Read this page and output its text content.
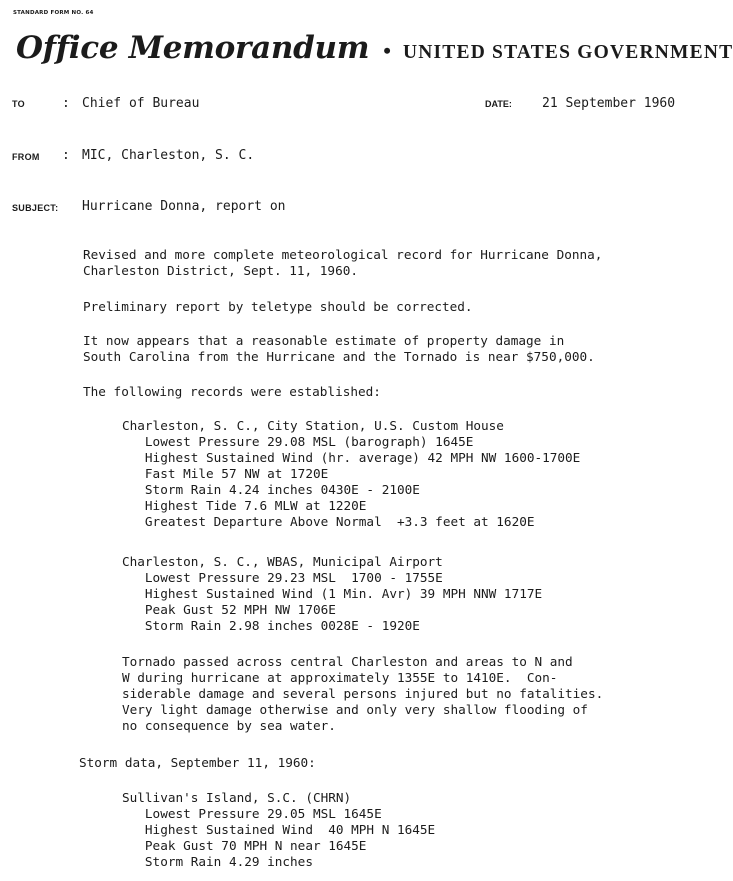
STANDARD FORM NO. 64
Office Memorandum • UNITED STATES GOVERNMENT
TO	: Chief of Bureau	DATE: 21 September 1960
FROM : MIC, Charleston, S. C.
SUBJECT: Hurricane Donna, report on
Revised and more complete meteorological record for Hurricane Donna,
Charleston District, Sept. 11, 1960.
Preliminary report by teletype should be corrected.
It now appears that a reasonable estimate of property damage in
South Carolina from the Hurricane and the Tornado is near $750,000.
The following records were established:
Charleston, S. C., City Station, U.S. Custom House
Lowest Pressure 29.08 MSL (barograph) 1645E
Highest Sustained Wind (hr. average) 42 MPH NW 1600-1700E
Fast Mile 57 NW at 1720E
Storm Rain 4.24 inches 0430E - 2100E
Highest Tide 7.6 MLW at 1220E
Greatest Departure Above Normal  +3.3 feet at 1620E
Charleston, S. C., WBAS, Municipal Airport
Lowest Pressure 29.23 MSL  1700 - 1755E
Highest Sustained Wind (1 Min. Avr) 39 MPH NNW 1717E
Peak Gust 52 MPH NW 1706E
Storm Rain 2.98 inches 0028E - 1920E
Tornado passed across central Charleston and areas to N and
W during hurricane at approximately 1355E to 1410E.  Con-
siderable damage and several persons injured but no fatalities.
Very light damage otherwise and only very shallow flooding of
no consequence by sea water.
Storm data, September 11, 1960:
Sullivan's Island, S.C. (CHRN)
Lowest Pressure 29.05 MSL 1645E
Highest Sustained Wind  40 MPH N 1645E
Peak Gust 70 MPH N near 1645E
Storm Rain 4.29 inches
